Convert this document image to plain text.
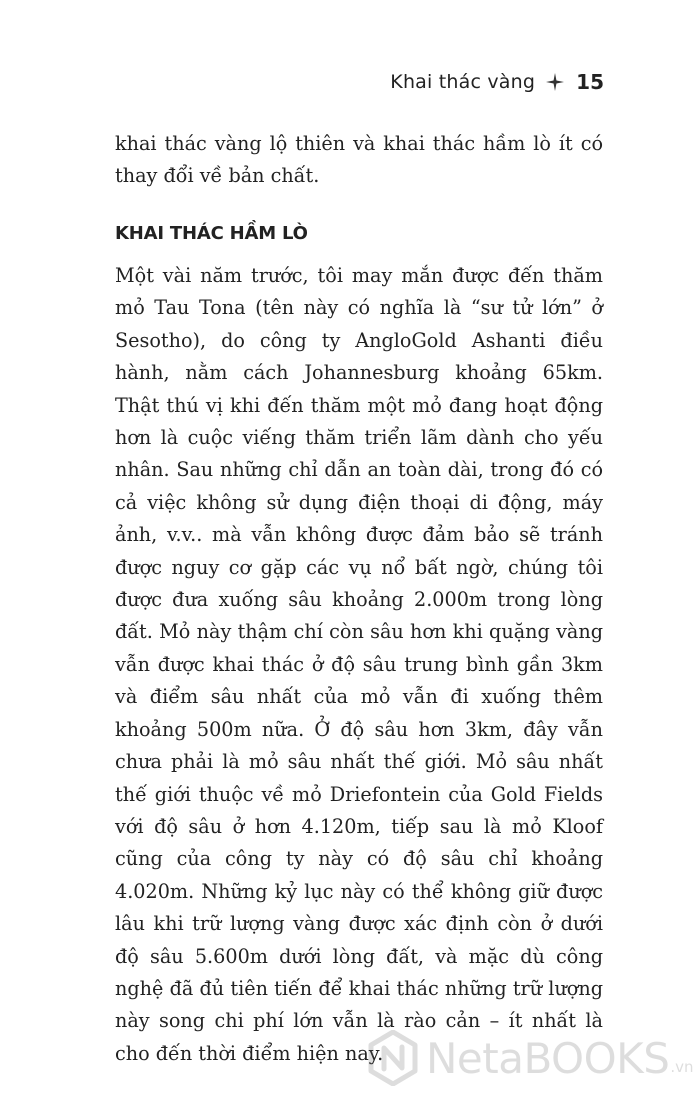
Khai thác vàng 15

khai thác vàng lộ thiên và khai thác hầm lò ít có thay đổi về bản chất.

KHAI THÁC HẦM LÒ

Một vài năm trước, tôi may mắn được đến thăm mỏ Tau Tona (tên này có nghĩa là “sư tử lớn” ở Sesotho), do công ty AngloGold Ashanti điều hành, nằm cách Johannesburg khoảng 65km. Thật thú vị khi đến thăm một mỏ đang hoạt động hơn là cuộc viếng thăm triển lãm dành cho yếu nhân. Sau những chỉ dẫn an toàn dài, trong đó có cả việc không sử dụng điện thoại di động, máy ảnh, v.v.. mà vẫn không được đảm bảo sẽ tránh được nguy cơ gặp các vụ nổ bất ngờ, chúng tôi được đưa xuống sâu khoảng 2.000m trong lòng đất. Mỏ này thậm chí còn sâu hơn khi quặng vàng vẫn được khai thác ở độ sâu trung bình gần 3km và điểm sâu nhất của mỏ vẫn đi xuống thêm khoảng 500m nữa. Ở độ sâu hơn 3km, đây vẫn chưa phải là mỏ sâu nhất thế giới. Mỏ sâu nhất thế giới thuộc về mỏ Driefontein của Gold Fields với độ sâu ở hơn 4.120m, tiếp sau là mỏ Kloof cũng của công ty này có độ sâu chỉ khoảng 4.020m. Những kỷ lục này có thể không giữ được lâu khi trữ lượng vàng được xác định còn ở dưới độ sâu 5.600m dưới lòng đất, và mặc dù công nghệ đã đủ tiên tiến để khai thác những trữ lượng này song chi phí lớn vẫn là rào cản – ít nhất là cho đến thời điểm hiện nay.	NetaBOOKS .vn
